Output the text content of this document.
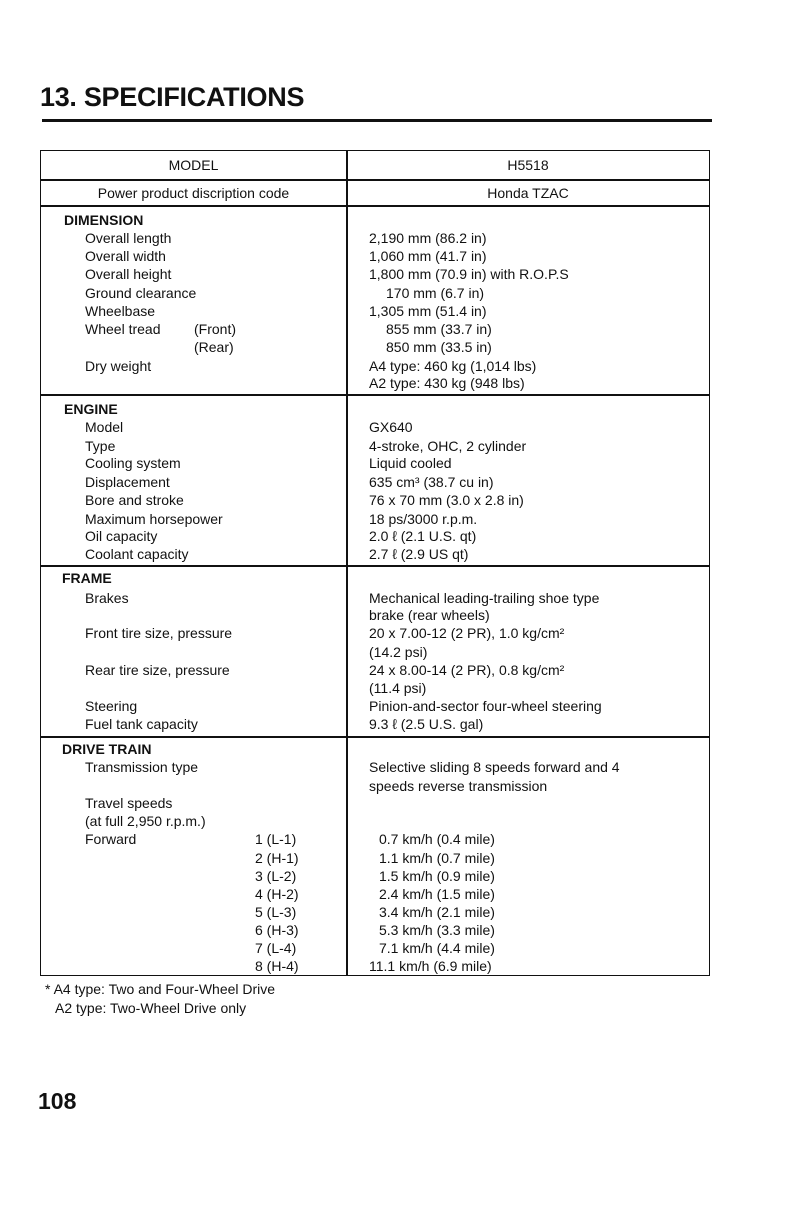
13. SPECIFICATIONS
MODEL	H5518
Power product discription code	Honda TZAC
DIMENSION
Overall length
Overall width
Overall height
Ground clearance
Wheelbase
Wheel tread (Front)
(Rear)
Dry weight
2,190 mm (86.2 in)
1,060 mm (41.7 in)
1,800 mm (70.9 in) with R.O.P.S
170 mm (6.7 in)
1,305 mm (51.4 in)
855 mm (33.7 in)
850 mm (33.5 in)
A4 type: 460 kg (1,014 lbs)
A2 type: 430 kg (948 lbs)
ENGINE
Model
Type
Cooling system
Displacement
Bore and stroke
Maximum horsepower
Oil capacity
Coolant capacity
GX640
4-stroke, OHC, 2 cylinder
Liquid cooled
635 cm³ (38.7 cu in)
76 x 70 mm (3.0 x 2.8 in)
18 ps/3000 r.p.m.
2.0 ℓ (2.1 U.S. qt)
2.7 ℓ (2.9 US qt)
FRAME
Brakes
Front tire size, pressure
Rear tire size, pressure
Steering
Fuel tank capacity
Mechanical leading-trailing shoe type
brake (rear wheels)
20 x 7.00-12 (2 PR), 1.0 kg/cm²
(14.2 psi)
24 x 8.00-14 (2 PR), 0.8 kg/cm²
(11.4 psi)
Pinion-and-sector four-wheel steering
9.3 ℓ (2.5 U.S. gal)
DRIVE TRAIN
Transmission type
Travel speeds
(at full 2,950 r.p.m.)
Forward
Selective sliding 8 speeds forward and 4
speeds reverse transmission
1 (L-1)
2 (H-1)
3 (L-2)
4 (H-2)
5 (L-3)
6 (H-3)
7 (L-4)
8 (H-4)
0.7 km/h (0.4 mile)
1.1 km/h (0.7 mile)
1.5 km/h (0.9 mile)
2.4 km/h (1.5 mile)
3.4 km/h (2.1 mile)
5.3 km/h (3.3 mile)
7.1 km/h (4.4 mile)
11.1 km/h (6.9 mile)
* A4 type: Two and Four-Wheel Drive
A2 type: Two-Wheel Drive only
108
